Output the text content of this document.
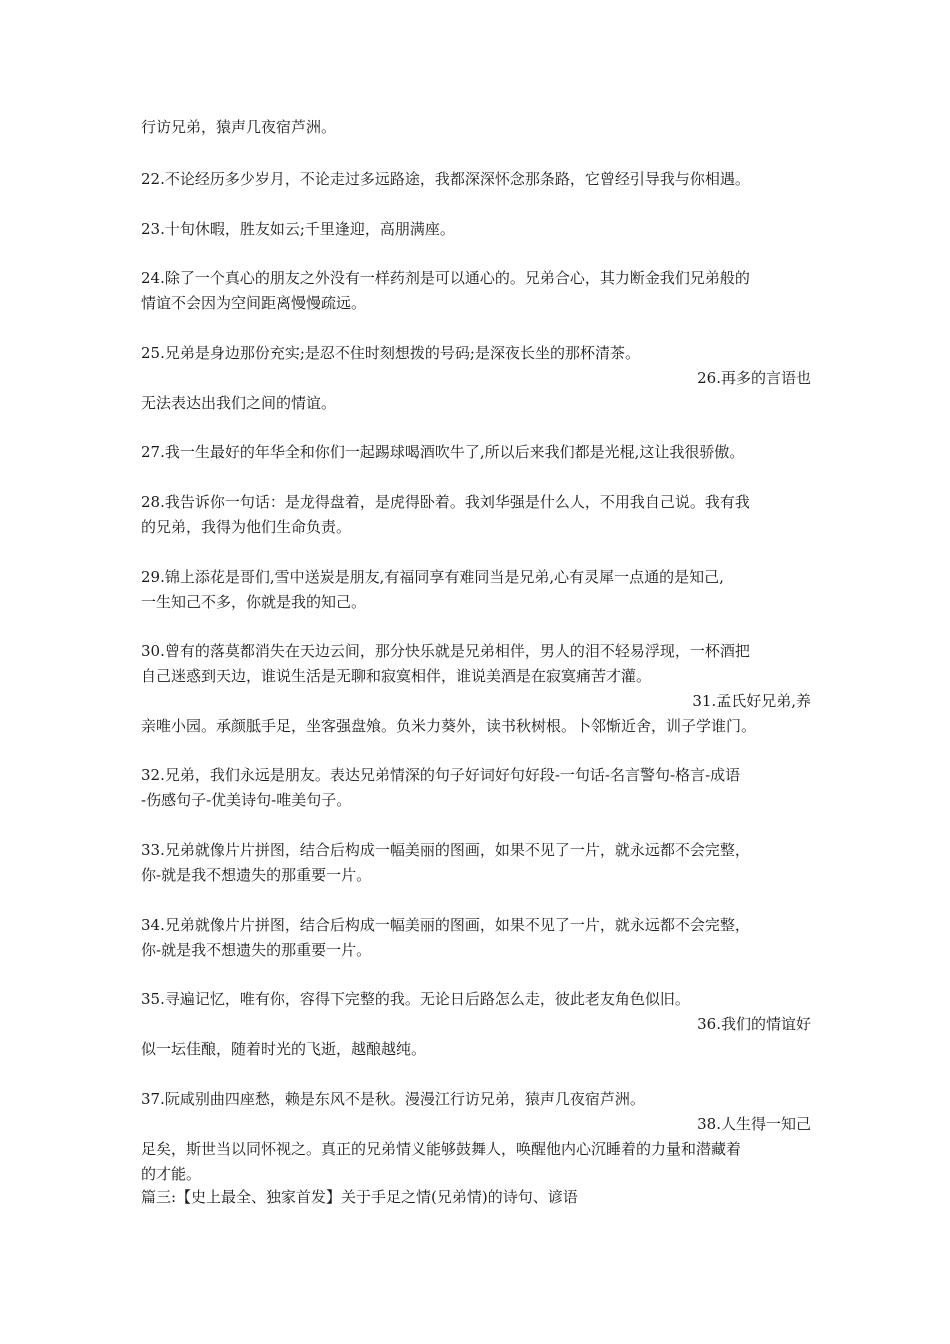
行访兄弟，猿声几夜宿芦洲。
22.不论经历多少岁月，不论走过多远路途，我都深深怀念那条路，它曾经引导我与你相遇。
23.十旬休暇，胜友如云;千里逢迎，高朋满座。
24.除了一个真心的朋友之外没有一样药剂是可以通心的。兄弟合心，其力断金我们兄弟般的
情谊不会因为空间距离慢慢疏远。
25.兄弟是身边那份充实;是忍不住时刻想拨的号码;是深夜长坐的那杯清茶。
26.再多的言语也
无法表达出我们之间的情谊。
27.我一生最好的年华全和你们一起踢球喝酒吹牛了,所以后来我们都是光棍,这让我很骄傲。
28.我告诉你一句话：是龙得盘着，是虎得卧着。我刘华强是什么人，不用我自己说。我有我
的兄弟，我得为他们生命负责。
29.锦上添花是哥们,雪中送炭是朋友,有福同享有难同当是兄弟,心有灵犀一点通的是知己,
一生知己不多，你就是我的知己。
30.曾有的落莫都消失在天边云间，那分快乐就是兄弟相伴，男人的泪不轻易浮现，一杯酒把
自己迷惑到天边，谁说生活是无聊和寂寞相伴，谁说美酒是在寂寞痛苦才灌。
31.孟氏好兄弟,养
亲唯小园。承颜胝手足，坐客强盘飧。负米力葵外，读书秋树根。卜邻惭近舍，训子学谁门。
32.兄弟，我们永远是朋友。表达兄弟情深的句子好词好句好段-一句话-名言警句-格言-成语
-伤感句子-优美诗句-唯美句子。
33.兄弟就像片片拼图，结合后构成一幅美丽的图画，如果不见了一片，就永远都不会完整，
你-就是我不想遗失的那重要一片。
34.兄弟就像片片拼图，结合后构成一幅美丽的图画，如果不见了一片，就永远都不会完整，
你-就是我不想遗失的那重要一片。
35.寻遍记忆，唯有你，容得下完整的我。无论日后路怎么走，彼此老友角色似旧。
36.我们的情谊好
似一坛佳酿，随着时光的飞逝，越酿越纯。
37.阮咸别曲四座愁，赖是东风不是秋。漫漫江行访兄弟，猿声几夜宿芦洲。
38.人生得一知己
足矣，斯世当以同怀视之。真正的兄弟情义能够鼓舞人，唤醒他内心沉睡着的力量和潜藏着
的才能。
篇三:【史上最全、独家首发】关于手足之情(兄弟情)的诗句、谚语
